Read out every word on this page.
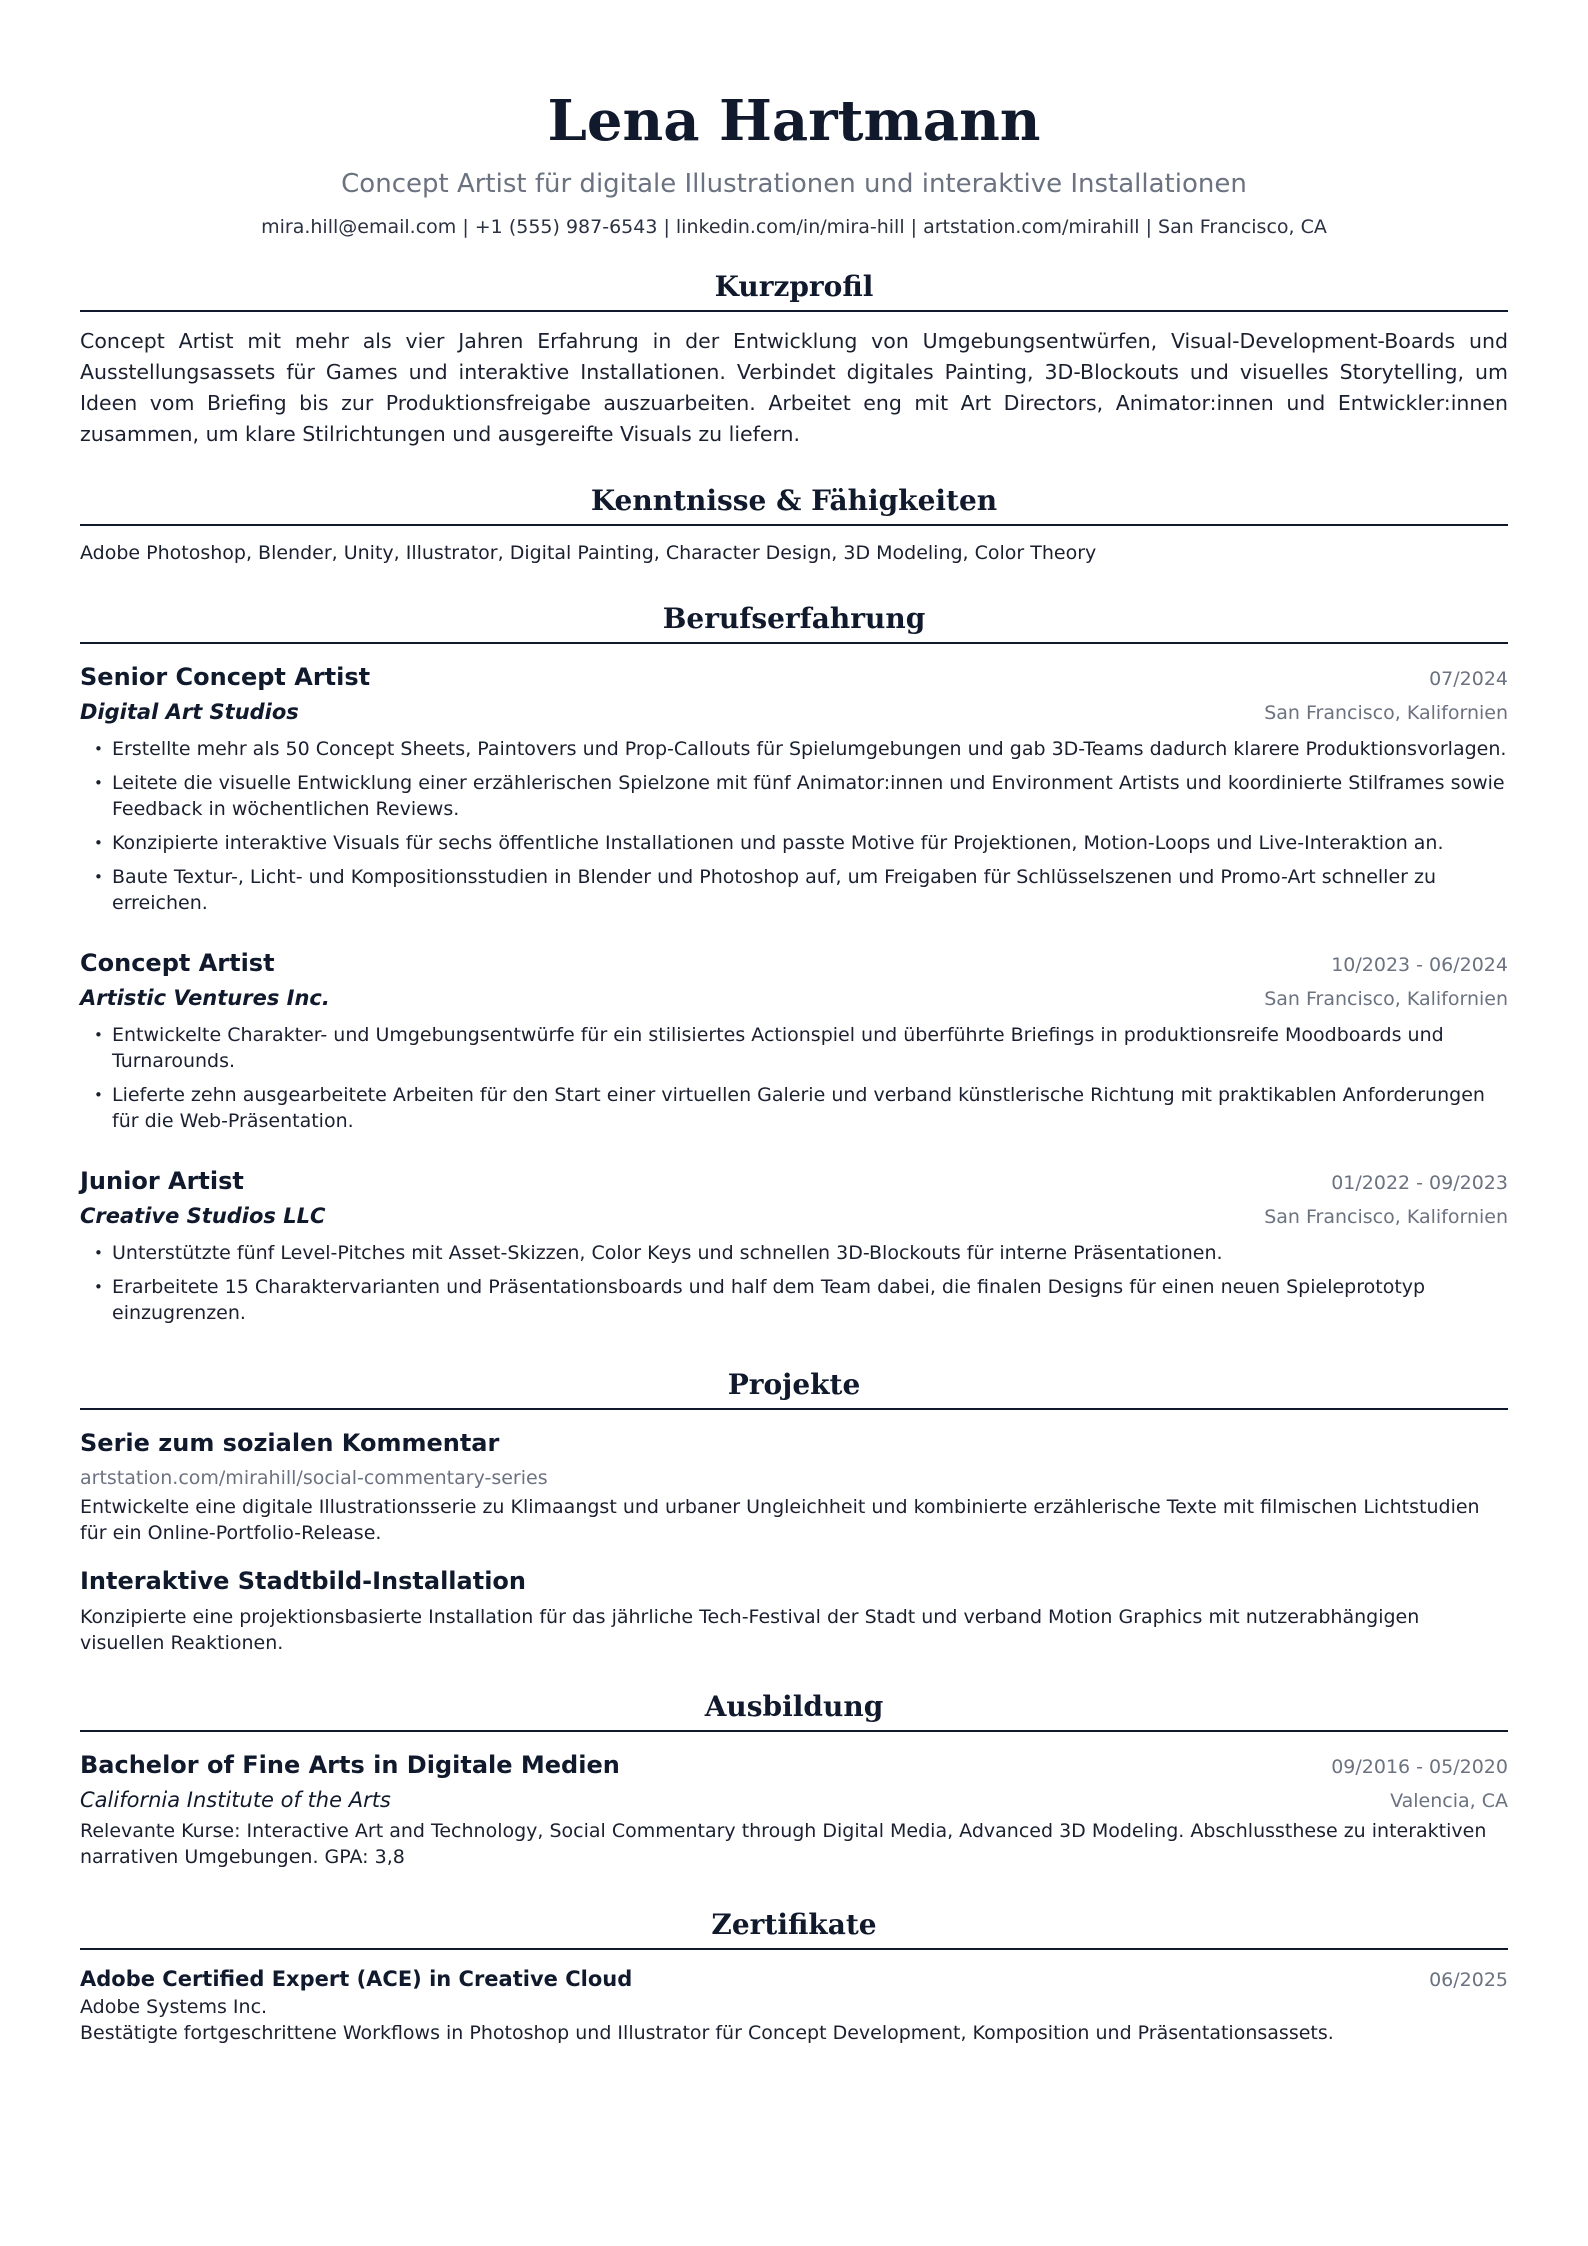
Lena Hartmann
Concept Artist für digitale Illustrationen und interaktive Installationen
mira.hill@email.com | +1 (555) 987-6543 | linkedin.com/in/mira-hill | artstation.com/mirahill | San Francisco, CA
Kurzprofil
Concept Artist mit mehr als vier Jahren Erfahrung in der Entwicklung von Umgebungsentwürfen, Visual-Development-Boards und Ausstellungsassets für Games und interaktive Installationen. Verbindet digitales Painting, 3D-Blockouts und visuelles Storytelling, um Ideen vom Briefing bis zur Produktionsfreigabe auszuarbeiten. Arbeitet eng mit Art Directors, Animator:innen und Entwickler:innen zusammen, um klare Stilrichtungen und ausgereifte Visuals zu liefern.
Kenntnisse & Fähigkeiten
Adobe Photoshop, Blender, Unity, Illustrator, Digital Painting, Character Design, 3D Modeling, Color Theory
Berufserfahrung
Senior Concept Artist	07/2024
Digital Art Studios	San Francisco, Kalifornien
• Erstellte mehr als 50 Concept Sheets, Paintovers und Prop-Callouts für Spielumgebungen und gab 3D-Teams dadurch klarere Produktionsvorlagen.
• Leitete die visuelle Entwicklung einer erzählerischen Spielzone mit fünf Animator:innen und Environment Artists und koordinierte Stilframes sowie Feedback in wöchentlichen Reviews.
• Konzipierte interaktive Visuals für sechs öffentliche Installationen und passte Motive für Projektionen, Motion-Loops und Live-Interaktion an.
• Baute Textur-, Licht- und Kompositionsstudien in Blender und Photoshop auf, um Freigaben für Schlüsselszenen und Promo-Art schneller zu erreichen.
Concept Artist	10/2023 - 06/2024
Artistic Ventures Inc.	San Francisco, Kalifornien
• Entwickelte Charakter- und Umgebungsentwürfe für ein stilisiertes Actionspiel und überführte Briefings in produktionsreife Moodboards und Turnarounds.
• Lieferte zehn ausgearbeitete Arbeiten für den Start einer virtuellen Galerie und verband künstlerische Richtung mit praktikablen Anforderungen für die Web-Präsentation.
Junior Artist	01/2022 - 09/2023
Creative Studios LLC	San Francisco, Kalifornien
• Unterstützte fünf Level-Pitches mit Asset-Skizzen, Color Keys und schnellen 3D-Blockouts für interne Präsentationen.
• Erarbeitete 15 Charaktervarianten und Präsentationsboards und half dem Team dabei, die finalen Designs für einen neuen Spieleprototyp einzugrenzen.
Projekte
Serie zum sozialen Kommentar
artstation.com/mirahill/social-commentary-series
Entwickelte eine digitale Illustrationsserie zu Klimaangst und urbaner Ungleichheit und kombinierte erzählerische Texte mit filmischen Lichtstudien für ein Online-Portfolio-Release.
Interaktive Stadtbild-Installation
Konzipierte eine projektionsbasierte Installation für das jährliche Tech-Festival der Stadt und verband Motion Graphics mit nutzerabhängigen visuellen Reaktionen.
Ausbildung
Bachelor of Fine Arts in Digitale Medien	09/2016 - 05/2020
California Institute of the Arts	Valencia, CA
Relevante Kurse: Interactive Art and Technology, Social Commentary through Digital Media, Advanced 3D Modeling. Abschlussthese zu interaktiven narrativen Umgebungen. GPA: 3,8
Zertifikate
Adobe Certified Expert (ACE) in Creative Cloud	06/2025
Adobe Systems Inc.
Bestätigte fortgeschrittene Workflows in Photoshop und Illustrator für Concept Development, Komposition und Präsentationsassets.
